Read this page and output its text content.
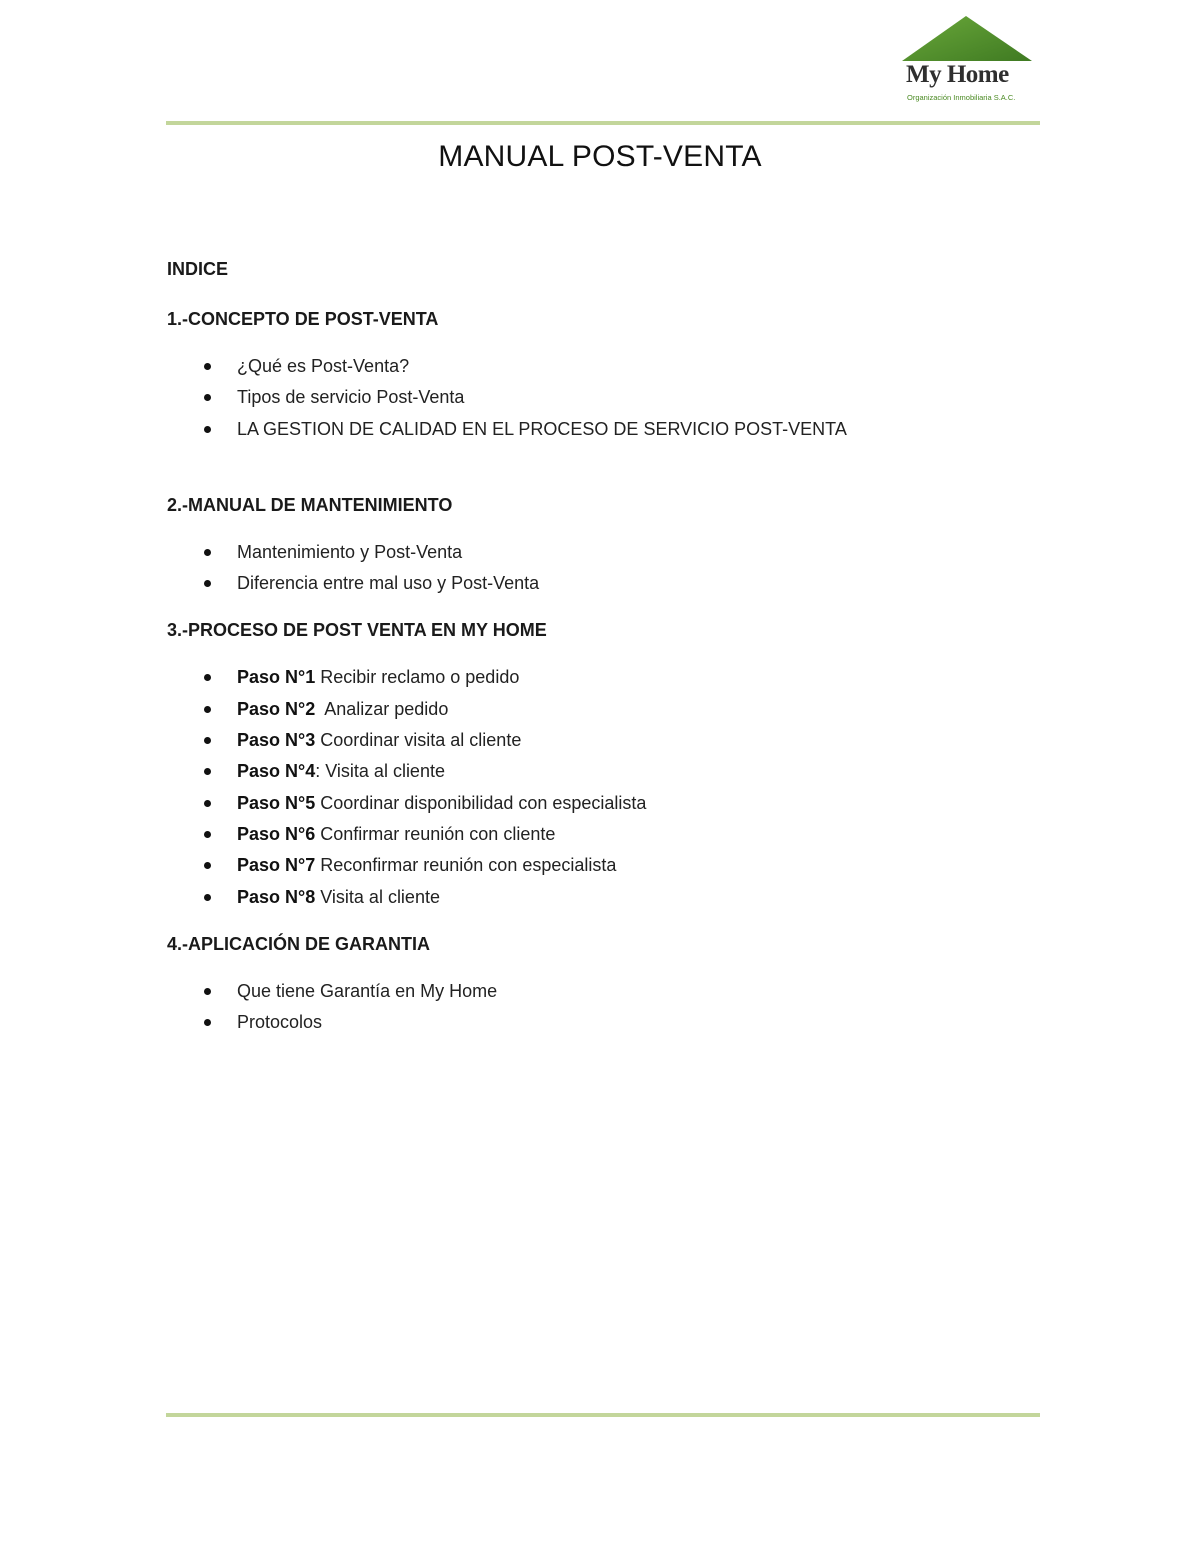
My Home
Organización Inmobiliaria S.A.C.
MANUAL POST-VENTA
INDICE
1.-CONCEPTO DE POST-VENTA
¿Qué es Post-Venta?
Tipos de servicio Post-Venta
LA GESTION DE CALIDAD EN EL PROCESO DE SERVICIO POST-VENTA
2.-MANUAL DE MANTENIMIENTO
Mantenimiento y Post-Venta
Diferencia entre mal uso y Post-Venta
3.-PROCESO DE POST VENTA EN MY HOME
Paso N°1 Recibir reclamo o pedido
Paso N°2  Analizar pedido
Paso N°3 Coordinar visita al cliente
Paso N°4: Visita al cliente
Paso N°5 Coordinar disponibilidad con especialista
Paso N°6 Confirmar reunión con cliente
Paso N°7 Reconfirmar reunión con especialista
Paso N°8 Visita al cliente
4.-APLICACIÓN DE GARANTIA
Que tiene Garantía en My Home
Protocolos
